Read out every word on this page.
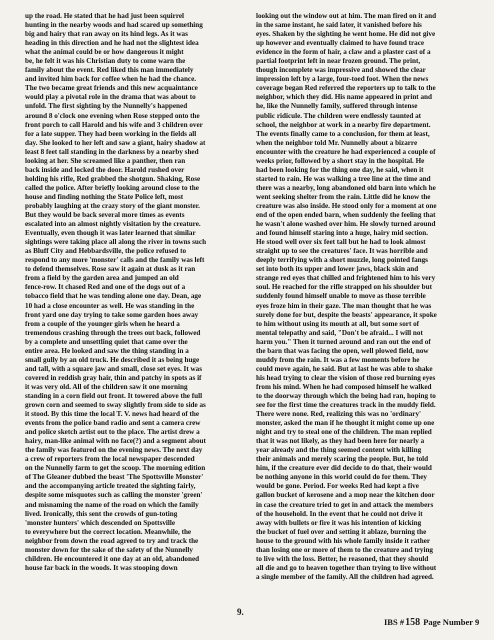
up the road. He stated that he had just been squirrel
hunting in the nearby woods and had scared up something
big and hairy that ran away on its hind legs. As it was
heading in this direction and he had not the slightest idea
what the animal could be or how dangerous it might
be, he felt it was his Christian duty to come warn the
family about the event. Red liked this man immediately
and invited him back for coffee when he had the chance.
The two became great friends and this new acquaintance
would play a pivotal role in the drama that was about to
unfold. The first sighting by the Nunnelly's happened
around 8 o'clock one evening when Rose stepped onto the
front porch to call Harold and his wife and 3 children over
for a late supper. They had been working in the fields all
day. She looked to her left and saw a giant, hairy shadow at
least 8 feet tall standing in the darkness by a nearby shed
looking at her. She screamed like a panther, then ran
back inside and locked the door. Harold rushed over
holding his rifle, Red grabbed the shotgun. Shaking, Rose
called the police. After briefly looking around close to the
house and finding nothing the State Police left, most
probably laughing at the crazy story of the giant monster.
But they would be back several more times as events
escalated into an almost nightly visitation by the creature.
Eventually, even though it was later learned that similar
sightings were taking place all along the river in towns such
as Bluff City and Hebbardsville, the police refused to
respond to any more 'monster' calls and the family was left
to defend themselves. Rose saw it again at dusk as it ran
from a field by the garden area and jumped an old
fence-row. It chased Red and one of the dogs out of a
tobacco field that he was tending alone one day. Dean, age
10 had a close encounter as well. He was standing in the
front yard one day trying to take some garden hoes away
from a couple of the younger girls when he heard a
tremendous crashing through the trees out back, followed
by a complete and unsettling quiet that came over the
entire area. He looked and saw the thing standing in a
small gully by an old truck. He described it as being huge
and tall, with a square jaw and small, close set eyes. It was
covered in reddish gray hair, thin and patchy in spots as if
it was very old. All of the children saw it one morning
standing in a corn field out front. It towered above the full
grown corn and seemed to sway slightly from side to side as
it stood. By this time the local T. V. news had heard of the
events from the police band radio and sent a camera crew
and police sketch artist out to the place. The artist drew a
hairy, man-like animal with no face(?) and a segment about
the family was featured on the evening news. The next day
a crew of reporters from the local newspaper descended
on the Nunnelly farm to get the scoop. The morning edition
of The Gleaner dubbed the beast 'The Spottsville Monster'
and the accompanying article treated the sighting fairly,
despite some misquotes such as calling the monster 'green'
and misnaming the name of the road on which the family
lived. Ironically, this sent the crowds of gun-toting
'monster hunters' which descended on Spottsville
to everywhere but the correct location. Meanwhile, the
neighbor from down the road agreed to try and track the
monster down for the sake of the safety of the Nunnelly
children. He encountered it one day at an old, abandoned
house far back in the woods. It was stooping down
looking out the window out at him. The man fired on it and
in the same instant, he said later, it vanished before his
eyes. Shaken by the sighting he went home. He did not give
up however and eventually claimed to have found trace
evidence in the form of hair, a claw and a plaster cast of a
partial footprint left in near frozen ground. The print,
though incomplete was impressive and showed the clear
impression left by a large, four-toed foot. When the news
coverage began Red referred the reporters up to talk to the
neighbor, which they did. His name appeared in print and
he, like the Nunnelly family, suffered through intense
public ridicule. The children were endlessly taunted at
school, the neighbor at work in a nearby fire department.
The events finally came to a conclusion, for them at least,
when the neighbor told Mr. Nunnelly about a bizarre
encounter with the creature he had experienced a couple of
weeks prior, followed by a short stay in the hospital. He
had been looking for the thing one day, he said, when it
started to rain. He was walking a tree line at the time and
there was a nearby, long abandoned old barn into which he
went seeking shelter from the rain. Little did he know the
creature was also inside. He stood only for a moment at one
end of the open ended barn, when suddenly the feeling that
he wasn't alone washed over him. He slowly turned around
and found himself staring into a huge, hairy mid section.
He stood well over six feet tall but he had to look almost
straight up to see the creatures' face. It was horrible and
deeply terrifying with a short muzzle, long pointed fangs
set into both its upper and lower jaws, black skin and
strange red eyes that chilled and frightened him to his very
soul. He reached for the rifle strapped on his shoulder but
suddenly found himself unable to move as those terrible
eyes froze him in their gaze. The man thought that he was
surely done for but, despite the beasts' appearance, it spoke
to him without using its mouth at all, but some sort of
mental telepathy and said, "Don't be afraid... I will not
harm you." Then it turned around and ran out the end of
the barn that was facing the open, well plowed field, now
muddy from the rain. It was a few moments before he
could move again, he said. But at last he was able to shake
his head trying to clear the vision of those red burning eyes
from his mind. When he had composed himself he walked
to the doorway through which the being had ran, hoping to
see for the first time the creatures track in the muddy field.
There were none. Red, realizing this was no 'ordinary'
monster, asked the man if he thought it might come up one
night and try to steal one of the children. The man replied
that it was not likely, as they had been here for nearly a
year already and the thing seemed content with killing
their animals and merely scaring the people. But, he told
him, if the creature ever did decide to do that, their would
be nothing anyone in this world could do for them. They
would be gone. Period. For weeks Red had kept a five
gallon bucket of kerosene and a mop near the kitchen door
in case the creature tried to get in and attack the members
of the household. In the event that he could not drive it
away with bullets or fire it was his intention of kicking
the bucket of fuel over and setting it ablaze, burning the
house to the ground with his whole family inside it rather
than losing one or more of them to the creature and trying
to live with the loss. Better, he reasoned, that they should
all die and go to heaven together than trying to live without
a single member of the family. All the children had agreed.
9.
IBS #158 Page Number 9
